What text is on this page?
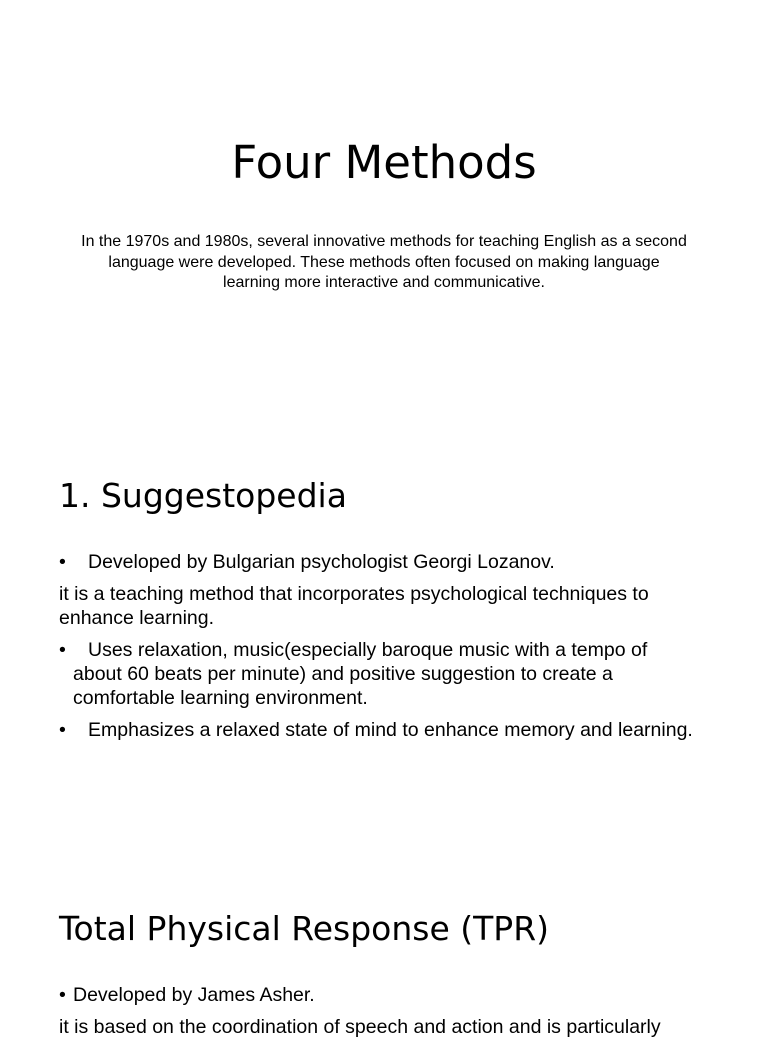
Four Methods

In the 1970s and 1980s, several innovative methods for teaching English as a second language were developed. These methods often focused on making language learning more interactive and communicative.

1. Suggestopedia
•	Developed by Bulgarian psychologist Georgi Lozanov.

it is a teaching method that incorporates psychological techniques to enhance learning.

•	Uses relaxation, music(especially baroque music with a tempo of about 60 beats per minute) and positive suggestion to create a comfortable learning environment.
•	Emphasizes a relaxed state of mind to enhance memory and learning.
Total Physical Response (TPR)
• Developed by James Asher.

it is based on the coordination of speech and action and is particularly
